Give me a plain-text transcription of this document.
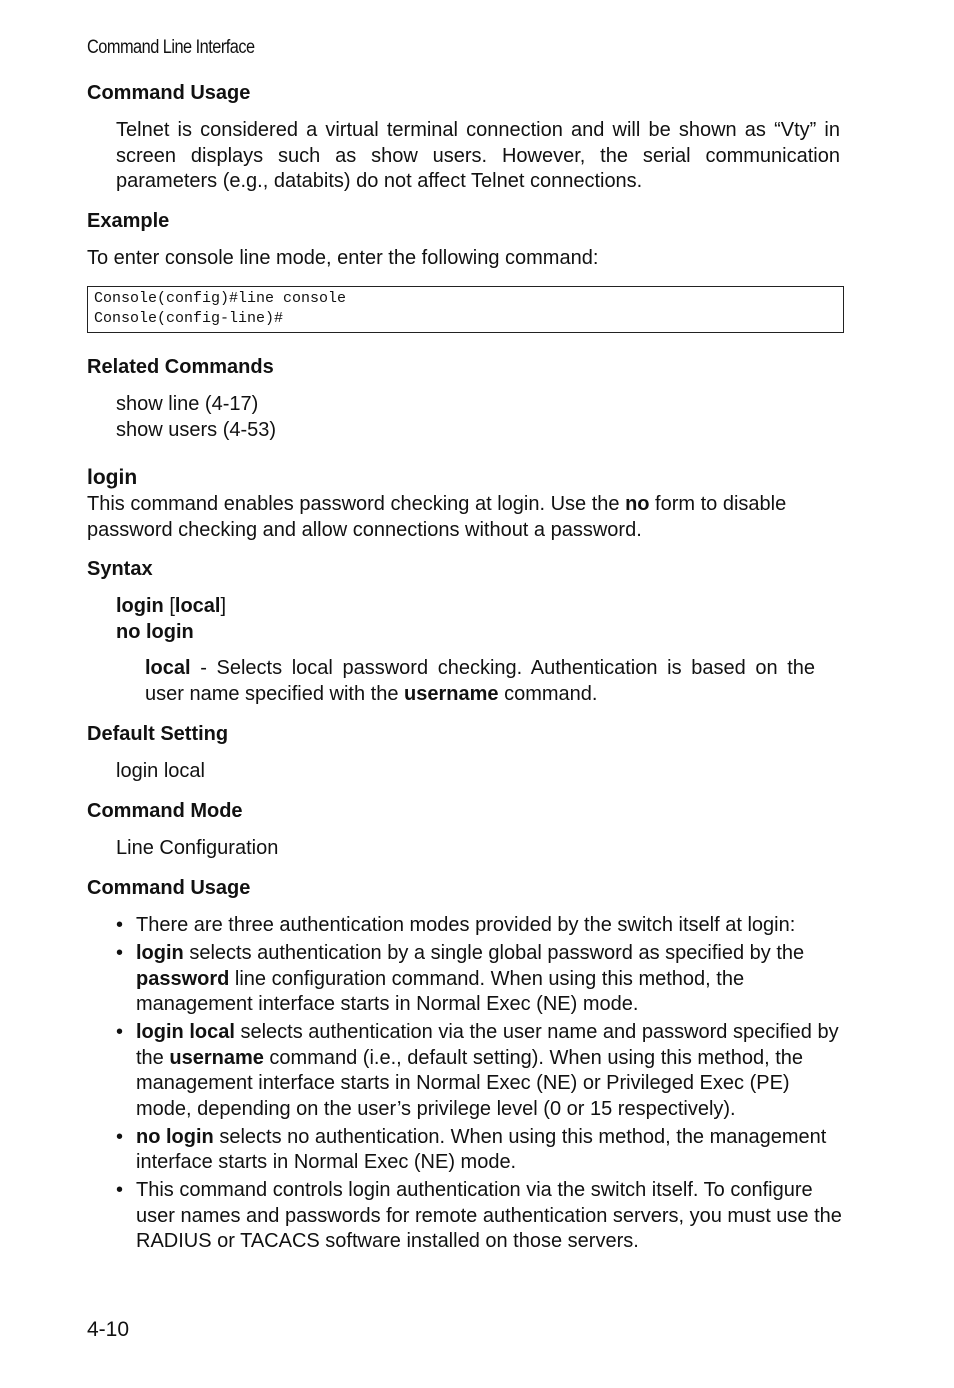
Command Line Interface
Command Usage
Telnet is considered a virtual terminal connection and will be shown as “Vty” in screen displays such as show users. However, the serial communication parameters (e.g., databits) do not affect Telnet connections.
Example
To enter console line mode, enter the following command:
Console(config)#line console
Console(config-line)#
Related Commands
show line (4-17)
show users (4-53)
login
This command enables password checking at login. Use the no form to disable password checking and allow connections without a password.
Syntax
login [local]
no login
local - Selects local password checking. Authentication is based on the user name specified with the username command.
Default Setting
login local
Command Mode
Line Configuration
Command Usage
• There are three authentication modes provided by the switch itself at login:
• login selects authentication by a single global password as specified by the password line configuration command. When using this method, the management interface starts in Normal Exec (NE) mode.
• login local selects authentication via the user name and password specified by the username command (i.e., default setting). When using this method, the management interface starts in Normal Exec (NE) or Privileged Exec (PE) mode, depending on the user’s privilege level (0 or 15 respectively).
• no login selects no authentication. When using this method, the management interface starts in Normal Exec (NE) mode.
• This command controls login authentication via the switch itself. To configure user names and passwords for remote authentication servers, you must use the RADIUS or TACACS software installed on those servers.
4-10
